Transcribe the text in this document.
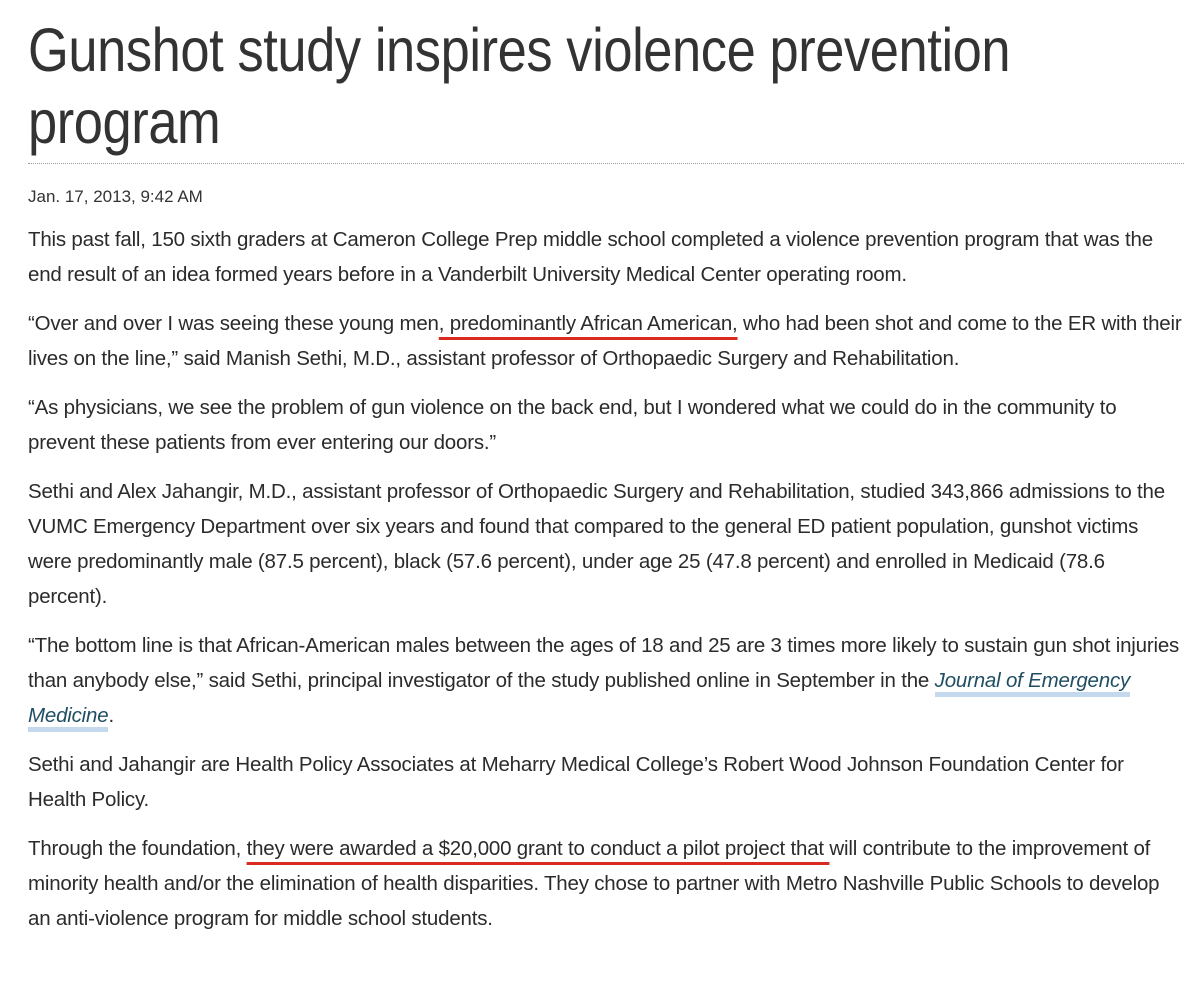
Gunshot study inspires violence prevention program
Jan. 17, 2013, 9:42 AM

This past fall, 150 sixth graders at Cameron College Prep middle school completed a violence prevention program that was the end result of an idea formed years before in a Vanderbilt University Medical Center operating room.

“Over and over I was seeing these young men, predominantly African American, who had been shot and come to the ER with their lives on the line,” said Manish Sethi, M.D., assistant professor of Orthopaedic Surgery and Rehabilitation.

“As physicians, we see the problem of gun violence on the back end, but I wondered what we could do in the community to prevent these patients from ever entering our doors.”

Sethi and Alex Jahangir, M.D., assistant professor of Orthopaedic Surgery and Rehabilitation, studied 343,866 admissions to the VUMC Emergency Department over six years and found that compared to the general ED patient population, gunshot victims were predominantly male (87.5 percent), black (57.6 percent), under age 25 (47.8 percent) and enrolled in Medicaid (78.6 percent).

“The bottom line is that African-American males between the ages of 18 and 25 are 3 times more likely to sustain gun shot injuries than anybody else,” said Sethi, principal investigator of the study published online in September in the Journal of Emergency Medicine.

Sethi and Jahangir are Health Policy Associates at Meharry Medical College’s Robert Wood Johnson Foundation Center for Health Policy.

Through the foundation, they were awarded a $20,000 grant to conduct a pilot project that will contribute to the improvement of minority health and/or the elimination of health disparities. They chose to partner with Metro Nashville Public Schools to develop an anti-violence program for middle school students.
